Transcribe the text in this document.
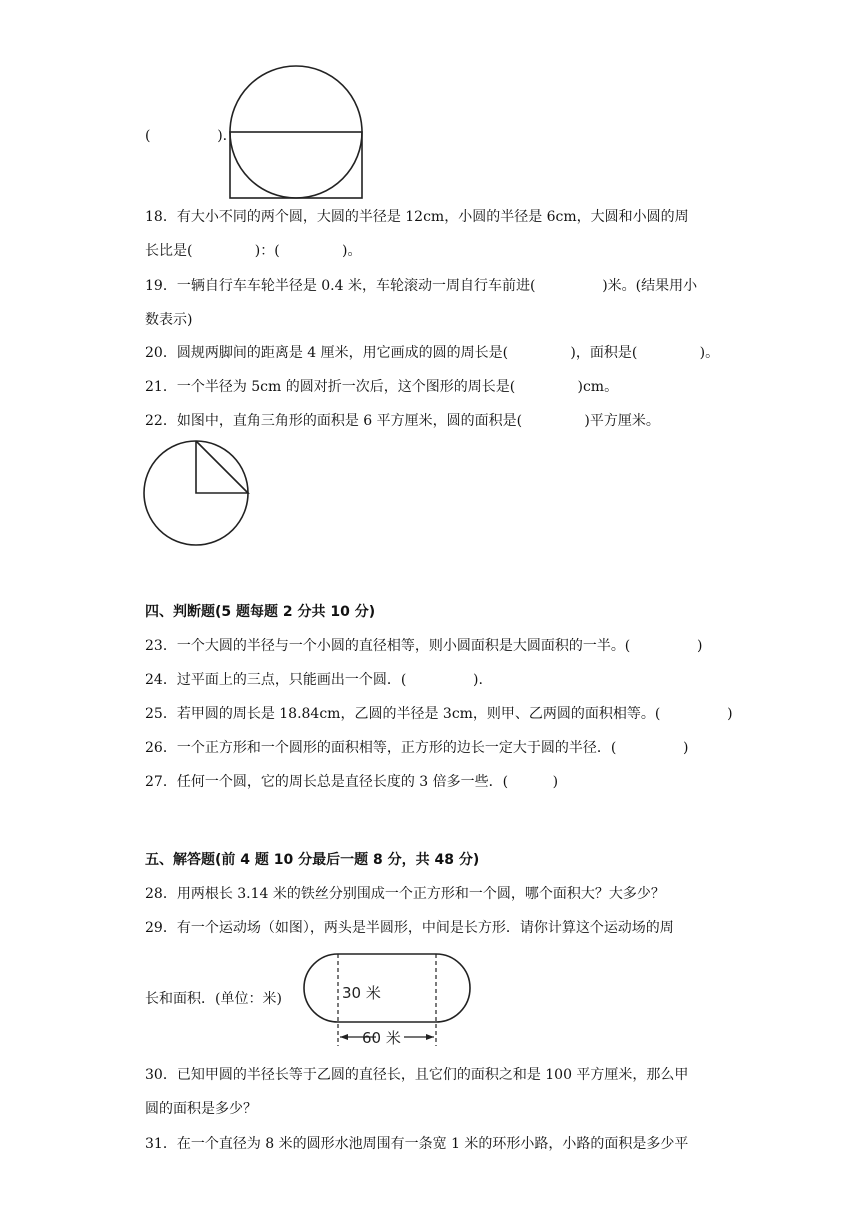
(               ).
18．有大小不同的两个圆，大圆的半径是 12cm，小圆的半径是 6cm，大圆和小圆的周
长比是(              )：(              )。
19．一辆自行车车轮半径是 0.4 米，车轮滚动一周自行车前进(               )米。(结果用小
数表示)
20．圆规两脚间的距离是 4 厘米，用它画成的圆的周长是(              )，面积是(              )。
21．一个半径为 5cm 的圆对折一次后，这个图形的周长是(              )cm。
22．如图中，直角三角形的面积是 6 平方厘米，圆的面积是(              )平方厘米。
四、判断题(5 题每题 2 分共 10 分)
23．一个大圆的半径与一个小圆的直径相等，则小圆面积是大圆面积的一半。(               )
24．过平面上的三点，只能画出一个圆．(               ).
25．若甲圆的周长是 18.84cm，乙圆的半径是 3cm，则甲、乙两圆的面积相等。(               )
26．一个正方形和一个圆形的面积相等，正方形的边长一定大于圆的半径．(               )
27．任何一个圆，它的周长总是直径长度的 3 倍多一些．(          )
五、解答题(前 4 题 10 分最后一题 8 分，共 48 分)
28．用两根长 3.14 米的铁丝分别围成一个正方形和一个圆，哪个面积大？大多少？
29．有一个运动场（如图），两头是半圆形，中间是长方形．请你计算这个运动场的周
长和面积．(单位：米)	30 米
60 米
30．已知甲圆的半径长等于乙圆的直径长，且它们的面积之和是 100 平方厘米，那么甲
圆的面积是多少？
31．在一个直径为 8 米的圆形水池周围有一条宽 1 米的环形小路，小路的面积是多少平
